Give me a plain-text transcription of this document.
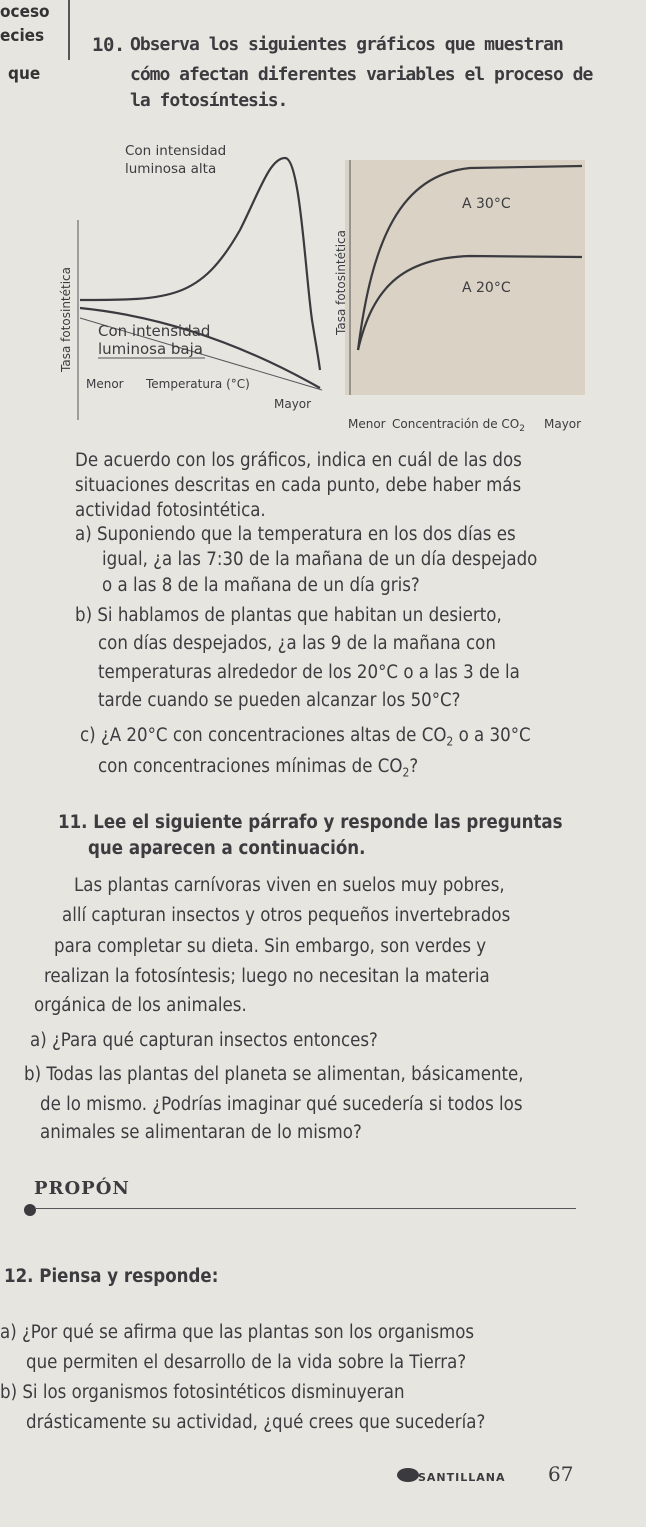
oceso
ecies
que
10. Observa los siguientes gráficos que muestran
cómo afectan diferentes variables el proceso de
la fotosíntesis.
Tasa fotosintética
Con intensidad
luminosa alta
Con intensidad
luminosa baja
Menor Temperatura (°C)
Mayor
Tasa fotosintética
A 30°C
A 20°C
Menor Concentración de $CO_2$ Mayor
De acuerdo con los gráficos, indica en cuál de las dos
situaciones descritas en cada punto, debe haber más
actividad fotosintética.
a) Suponiendo que la temperatura en los dos días es
igual, ¿a las 7:30 de la mañana de un día despejado
o a las 8 de la mañana de un día gris?
b) Si hablamos de plantas que habitan un desierto,
con días despejados, ¿a las 9 de la mañana con
temperaturas alrededor de los 20°C o a las 3 de la
tarde cuando se pueden alcanzar los 50°C?
c) ¿A 20°C con concentraciones altas de $CO_2$ o a 30°C
con concentraciones mínimas de $CO_2$?
11. Lee el siguiente párrafo y responde las preguntas
que aparecen a continuación.
Las plantas carnívoras viven en suelos muy pobres,
allí capturan insectos y otros pequeños invertebrados
para completar su dieta. Sin embargo, son verdes y
realizan la fotosíntesis; luego no necesitan la materia
orgánica de los animales.
a) ¿Para qué capturan insectos entonces?
b) Todas las plantas del planeta se alimentan, básicamente,
de lo mismo. ¿Podrías imaginar qué sucedería si todos los
animales se alimentaran de lo mismo?
PROPÓN
12. Piensa y responde:
a) ¿Por qué se afirma que las plantas son los organismos
que permiten el desarrollo de la vida sobre la Tierra?
b) Si los organismos fotosintéticos disminuyeran
drásticamente su actividad, ¿qué crees que sucedería?
SANTILLANA 67
